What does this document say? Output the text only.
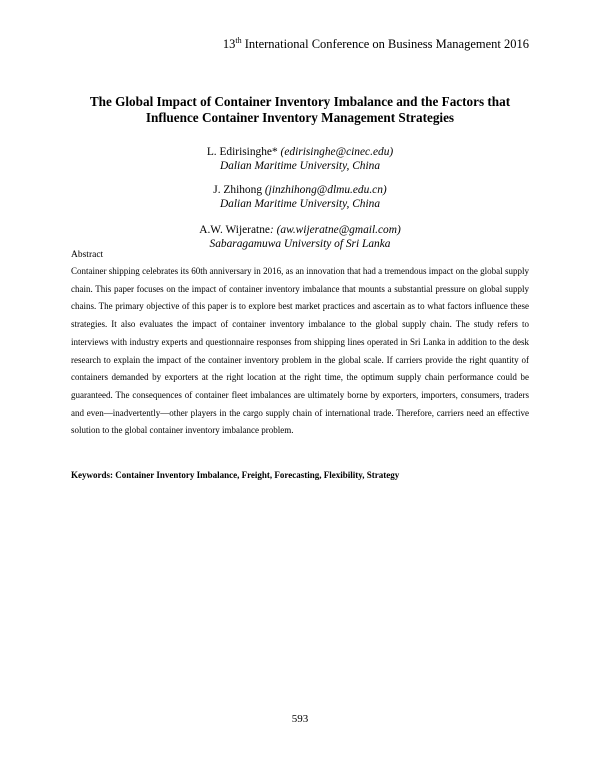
13th International Conference on Business Management 2016
The Global Impact of Container Inventory Imbalance and the Factors that
Influence Container Inventory Management Strategies
L. Edirisinghe* (edirisinghe@cinec.edu)
Dalian Maritime University, China
J. Zhihong (jinzhihong@dlmu.edu.cn)
Dalian Maritime University, China
A.W. Wijeratne: (aw.wijeratne@gmail.com)
Sabaragamuwa University of Sri Lanka
Abstract
Container shipping celebrates its 60th anniversary in 2016, as an innovation that had a tremendous impact on the global supply chain. This paper focuses on the impact of container inventory imbalance that mounts a substantial pressure on global supply chains. The primary objective of this paper is to explore best market practices and ascertain as to what factors influence these strategies. It also evaluates the impact of container inventory imbalance to the global supply chain. The study refers to interviews with industry experts and questionnaire responses from shipping lines operated in Sri Lanka in addition to the desk research to explain the impact of the container inventory problem in the global scale. If carriers provide the right quantity of containers demanded by exporters at the right location at the right time, the optimum supply chain performance could be guaranteed. The consequences of container fleet imbalances are ultimately borne by exporters, importers, consumers, traders and even—inadvertently—other players in the cargo supply chain of international trade. Therefore, carriers need an effective solution to the global container inventory imbalance problem.
Keywords: Container Inventory Imbalance, Freight, Forecasting, Flexibility, Strategy
593
